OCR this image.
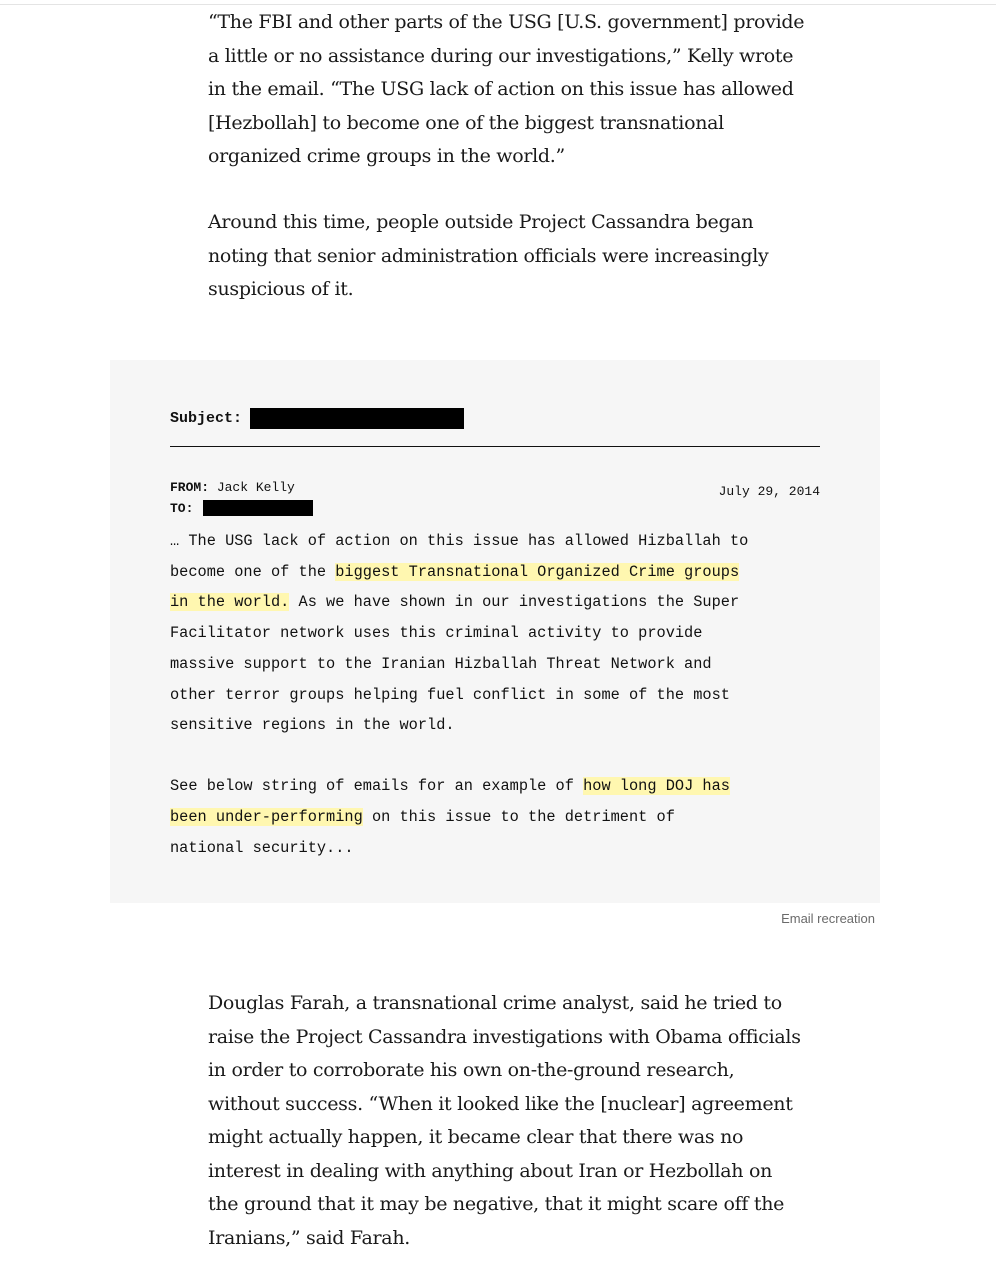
“The FBI and other parts of the USG [U.S. government] provide
a little or no assistance during our investigations,” Kelly wrote
in the email. “The USG lack of action on this issue has allowed
[Hezbollah] to become one of the biggest transnational
organized crime groups in the world.”
Around this time, people outside Project Cassandra began
noting that senior administration officials were increasingly
suspicious of it.
Subject:
FROM: Jack Kelly
TO:
July 29, 2014
… The USG lack of action on this issue has allowed Hizballah to
become one of the biggest Transnational Organized Crime groups
in the world. As we have shown in our investigations the Super
Facilitator network uses this criminal activity to provide
massive support to the Iranian Hizballah Threat Network and
other terror groups helping fuel conflict in some of the most
sensitive regions in the world.
See below string of emails for an example of how long DOJ has
been under-performing on this issue to the detriment of
national security...
Email recreation
Douglas Farah, a transnational crime analyst, said he tried to
raise the Project Cassandra investigations with Obama officials
in order to corroborate his own on-the-ground research,
without success. “When it looked like the [nuclear] agreement
might actually happen, it became clear that there was no
interest in dealing with anything about Iran or Hezbollah on
the ground that it may be negative, that it might scare off the
Iranians,” said Farah.
